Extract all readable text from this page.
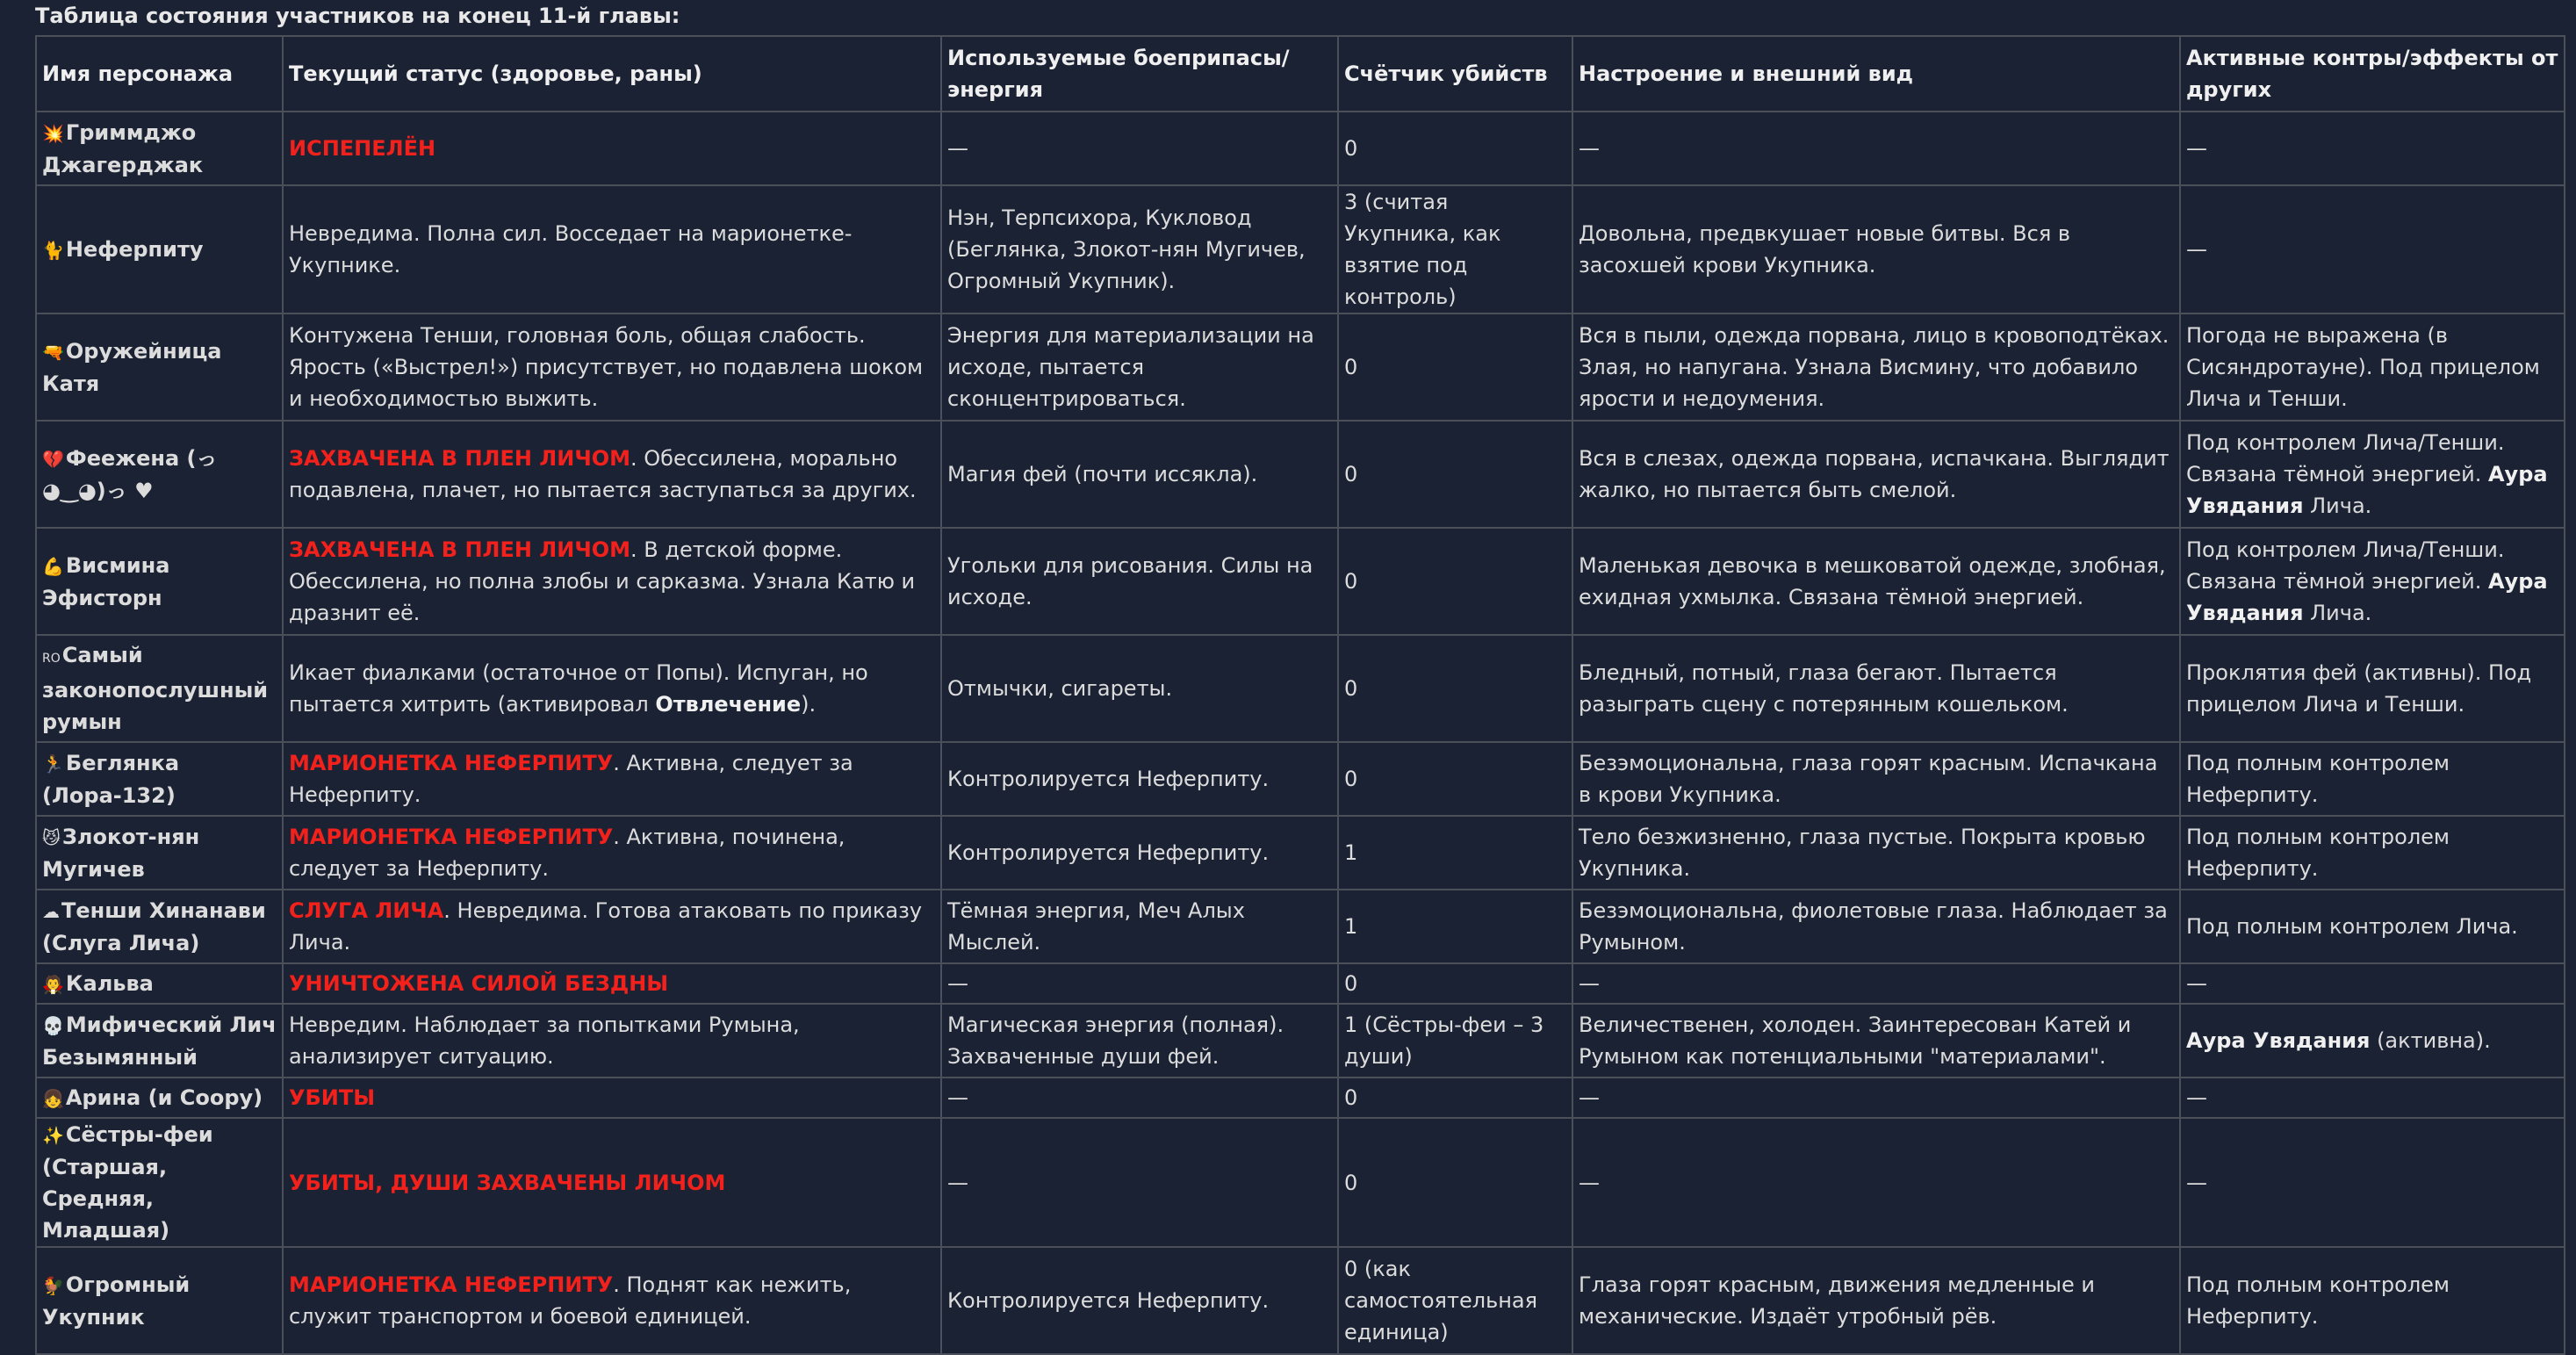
Таблица состояния участников на конец 11-й главы:
Имя персонажа	Текущий статус (здоровье, раны)	Используемые боеприпасы/ энергия	Счётчик убийств	Настроение и внешний вид	Активные контры/эффекты от других
💥Гриммджо Джагерджак	ИСПЕПЕЛЁН	—	0	—	—
🐈Неферпиту	Невредима. Полна сил. Восседает на марионетке-Укупнике.	Нэн, Терпсихора, Кукловод (Беглянка, Злокот-нян Мугичев, Огромный Укупник).	3 (считая Укупника, как взятие под контроль)	Довольна, предвкушает новые битвы. Вся в засохшей крови Укупника.	—
🔫Оружейница Катя	Контужена Тенши, головная боль, общая слабость. Ярость («Выстрел!») присутствует, но подавлена шоком и необходимостью выжить.	Энергия для материализации на исходе, пытается сконцентрироваться.	0	Вся в пыли, одежда порвана, лицо в кровоподтёках. Злая, но напугана. Узнала Висмину, что добавило ярости и недоумения.	Погода не выражена (в Сисяндротауне). Под прицелом Лича и Тенши.
💔Феежена (っ◕‿◕)っ ♥	ЗАХВАЧЕНА В ПЛЕН ЛИЧОМ. Обессилена, морально подавлена, плачет, но пытается заступаться за других.	Магия фей (почти иссякла).	0	Вся в слезах, одежда порвана, испачкана. Выглядит жалко, но пытается быть смелой.	Под контролем Лича/Тенши. Связана тёмной энергией. Аура Увядания Лича.
💪Висмина Эфисторн	ЗАХВАЧЕНА В ПЛЕН ЛИЧОМ. В детской форме. Обессилена, но полна злобы и сарказма. Узнала Катю и дразнит её.	Угольки для рисования. Силы на исходе.	0	Маленькая девочка в мешковатой одежде, злобная, ехидная ухмылка. Связана тёмной энергией.	Под контролем Лича/Тенши. Связана тёмной энергией. Аура Увядания Лича.
ROСамый законопослушный румын	Икает фиалками (остаточное от Попы). Испуган, но пытается хитрить (активировал Отвлечение).	Отмычки, сигареты.	0	Бледный, потный, глаза бегают. Пытается разыграть сцену с потерянным кошельком.	Проклятия фей (активны). Под прицелом Лича и Тенши.
🏃Беглянка (Лора-132)	МАРИОНЕТКА НЕФЕРПИТУ. Активна, следует за Неферпиту.	Контролируется Неферпиту.	0	Безэмоциональна, глаза горят красным. Испачкана в крови Укупника.	Под полным контролем Неферпиту.
😼Злокот-нян Мугичев	МАРИОНЕТКА НЕФЕРПИТУ. Активна, починена, следует за Неферпиту.	Контролируется Неферпиту.	1	Тело безжизненно, глаза пустые. Покрыта кровью Укупника.	Под полным контролем Неферпиту.
☁Тенши Хинанави (Слуга Лича)	СЛУГА ЛИЧА. Невредима. Готова атаковать по приказу Лича.	Тёмная энергия, Меч Алых Мыслей.	1	Безэмоциональна, фиолетовые глаза. Наблюдает за Румыном.	Под полным контролем Лича.
🧛Кальва	УНИЧТОЖЕНА СИЛОЙ БЕЗДНЫ	—	0	—	—
💀Мифический Лич Безымянный	Невредим. Наблюдает за попытками Румына, анализирует ситуацию.	Магическая энергия (полная). Захваченные души фей.	1 (Сёстры-феи – 3 души)	Величественен, холоден. Заинтересован Катей и Румыном как потенциальными "материалами".	Аура Увядания (активна).
👧Арина (и Соору)	УБИТЫ	—	0	—	—
✨Сёстры-феи (Старшая, Средняя, Младшая)	УБИТЫ, ДУШИ ЗАХВАЧЕНЫ ЛИЧОМ	—	0	—	—
🐓Огромный Укупник	МАРИОНЕТКА НЕФЕРПИТУ. Поднят как нежить, служит транспортом и боевой единицей.	Контролируется Неферпиту.	0 (как самостоятельная единица)	Глаза горят красным, движения медленные и механические. Издаёт утробный рёв.	Под полным контролем Неферпиту.
